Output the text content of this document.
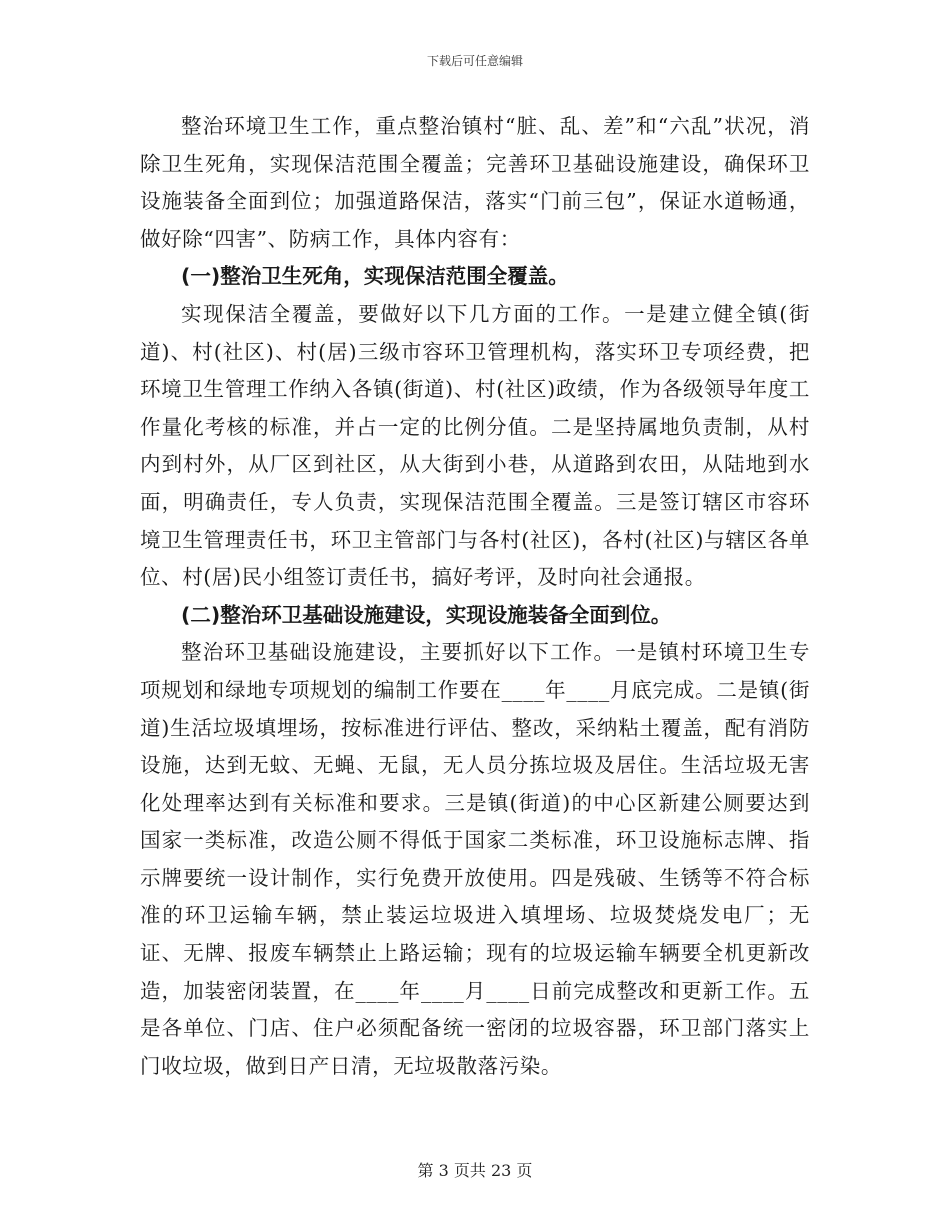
下载后可任意编辑

整治环境卫生工作，重点整治镇村“脏、乱、差”和“六乱”状况，消除卫生死角，实现保洁范围全覆盖；完善环卫基础设施建设，确保环卫设施装备全面到位；加强道路保洁，落实“门前三包”，保证水道畅通，做好除“四害”、防病工作，具体内容有：

(一)整治卫生死角，实现保洁范围全覆盖。

实现保洁全覆盖，要做好以下几方面的工作。一是建立健全镇(街道)、村(社区)、村(居)三级市容环卫管理机构，落实环卫专项经费，把环境卫生管理工作纳入各镇(街道)、村(社区)政绩，作为各级领导年度工作量化考核的标准，并占一定的比例分值。二是坚持属地负责制，从村内到村外，从厂区到社区，从大街到小巷，从道路到农田，从陆地到水面，明确责任，专人负责，实现保洁范围全覆盖。三是签订辖区市容环境卫生管理责任书，环卫主管部门与各村(社区)，各村(社区)与辖区各单位、村(居)民小组签订责任书，搞好考评，及时向社会通报。

(二)整治环卫基础设施建设，实现设施装备全面到位。

整治环卫基础设施建设，主要抓好以下工作。一是镇村环境卫生专项规划和绿地专项规划的编制工作要在____年____月底完成。二是镇(街道)生活垃圾填埋场，按标准进行评估、整改，采纳粘土覆盖，配有消防设施，达到无蚊、无蝇、无鼠，无人员分拣垃圾及居住。生活垃圾无害化处理率达到有关标准和要求。三是镇(街道)的中心区新建公厕要达到国家一类标准，改造公厕不得低于国家二类标准，环卫设施标志牌、指示牌要统一设计制作，实行免费开放使用。四是残破、生锈等不符合标准的环卫运输车辆，禁止装运垃圾进入填埋场、垃圾焚烧发电厂；无证、无牌、报废车辆禁止上路运输；现有的垃圾运输车辆要全机更新改造，加装密闭装置，在____年____月____日前完成整改和更新工作。五是各单位、门店、住户必须配备统一密闭的垃圾容器，环卫部门落实上门收垃圾，做到日产日清，无垃圾散落污染。

第 3 页共 23 页
